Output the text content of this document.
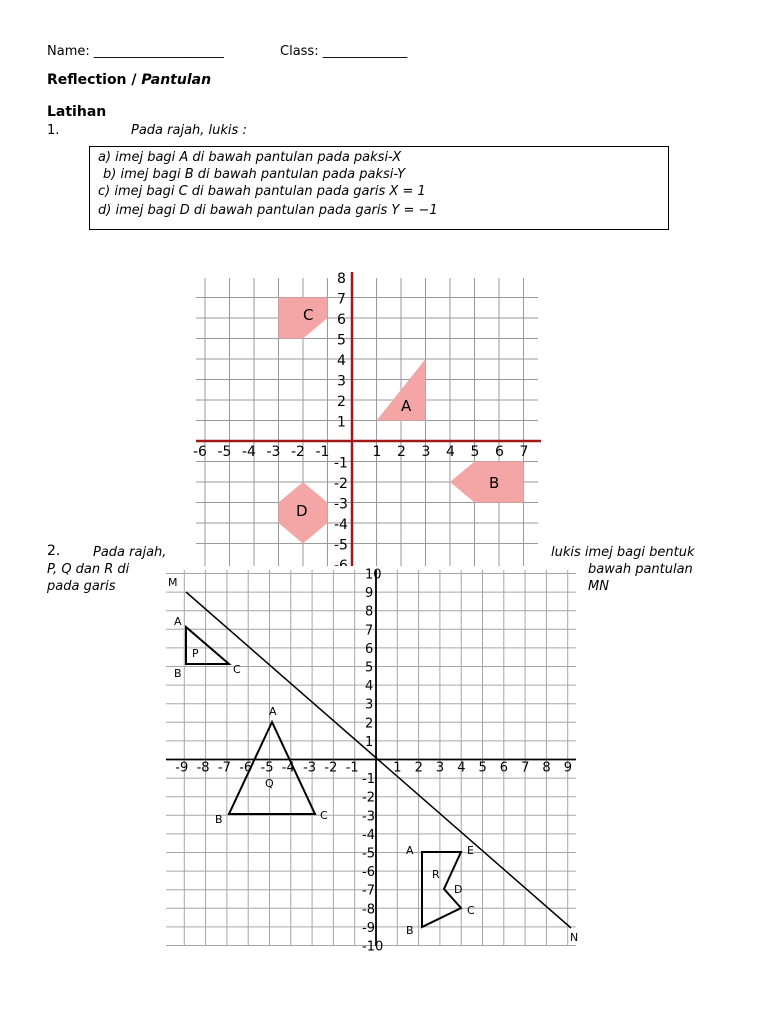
Name: ____________________	Class: _____________
Reflection / Pantulan
Latihan
1.	Pada rajah, lukis :
a) imej bagi A di bawah pantulan pada paksi-X
b) imej bagi B di bawah pantulan pada paksi-Y
c) imej bagi C di bawah pantulan pada garis X = 1
d) imej bagi D di bawah pantulan pada garis Y = −1
-6 -5 -4 -3 -2 -1	1 2 3 4 5 6 7
-5
-4
-3
-2
-1
1
2
3
4
5
6
7
8
C
A
B
D
2.	Pada rajah,	lukis imej bagi bentuk
P, Q dan R di	bawah pantulan
pada garis	MN
-9 -8 -7 -6 -5 -4 -3 -2 -1	1 2 3 4 5 6 7 8 9
-10
-9
-8
-7
-6
-5
-4
-3
-2
-1
1
2
3
4
5
6
7
8
9
10
M
N
A
B	C
P
A
B	C
Q
A
B
C
D
E
R
